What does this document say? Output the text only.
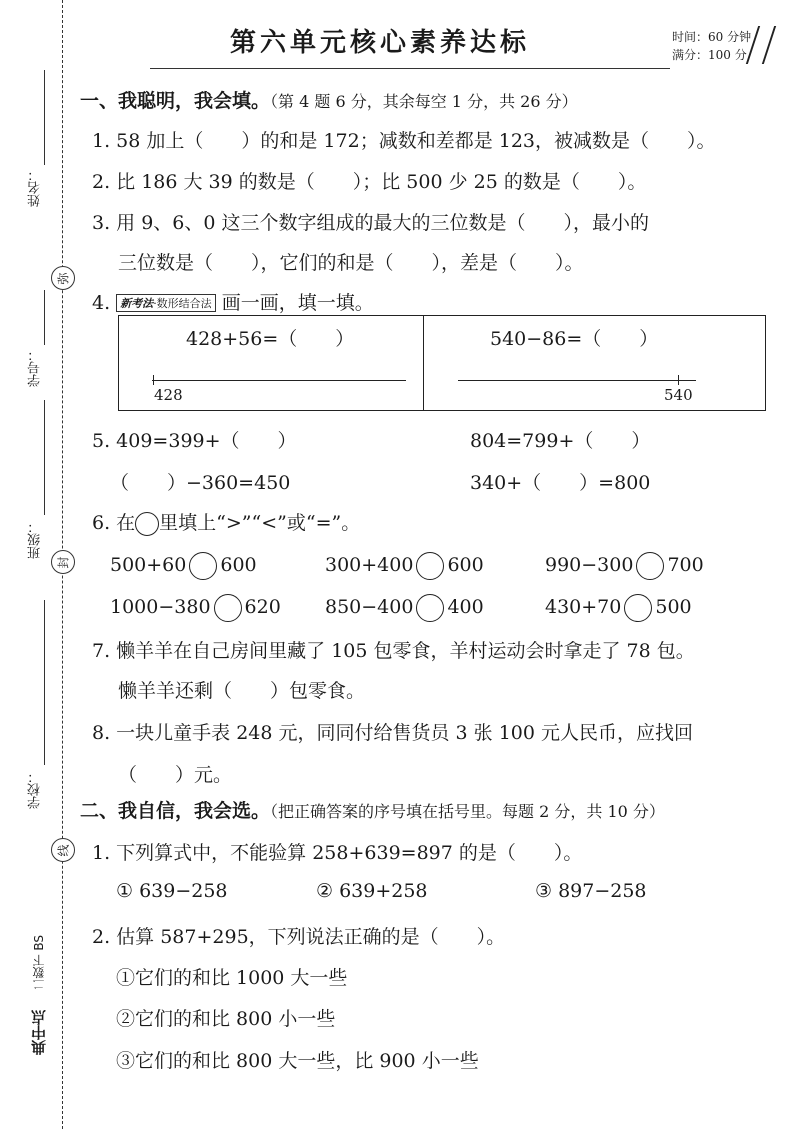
姓名：
弥
学号：
班级：
封
学校：
线
二数下 BS
典中点
第六单元核心素养达标	时间：60 分钟
满分：100 分
一、我聪明，我会填。（第 4 题 6 分，其余每空 1 分，共 26 分）
1. 58 加上（　　）的和是 172；减数和差都是 123，被减数是（　　）。
2. 比 186 大 39 的数是（　　）；比 500 少 25 的数是（　　）。
3. 用 9、6、0 这三个数字组成的最大的三位数是（　　），最小的
三位数是（　　），它们的和是（　　），差是（　　）。
4. 新考法·数形结合法 画一画，填一填。
428+56=（　　）
428
540−86=（　　）
540
5. 409=399+（　　）	804=799+（　　）
（　　）−360=450	340+（　　）=800
6. 在 里填上“>”“<”或“=”。
500+60 600	300+400 600	990−300 700
1000−380 620 850−400 400	430+70 500
7. 懒羊羊在自己房间里藏了 105 包零食，羊村运动会时拿走了 78 包。
懒羊羊还剩（　　）包零食。
8. 一块儿童手表 248 元，同同付给售货员 3 张 100 元人民币，应找回
（　　）元。
二、我自信，我会选。（把正确答案的序号填在括号里。每题 2 分，共 10 分）
1. 下列算式中，不能验算 258+639=897 的是（　　）。
① 639−258	② 639+258	③ 897−258
2. 估算 587+295，下列说法正确的是（　　）。
①它们的和比 1000 大一些
②它们的和比 800 小一些
③它们的和比 800 大一些，比 900 小一些
